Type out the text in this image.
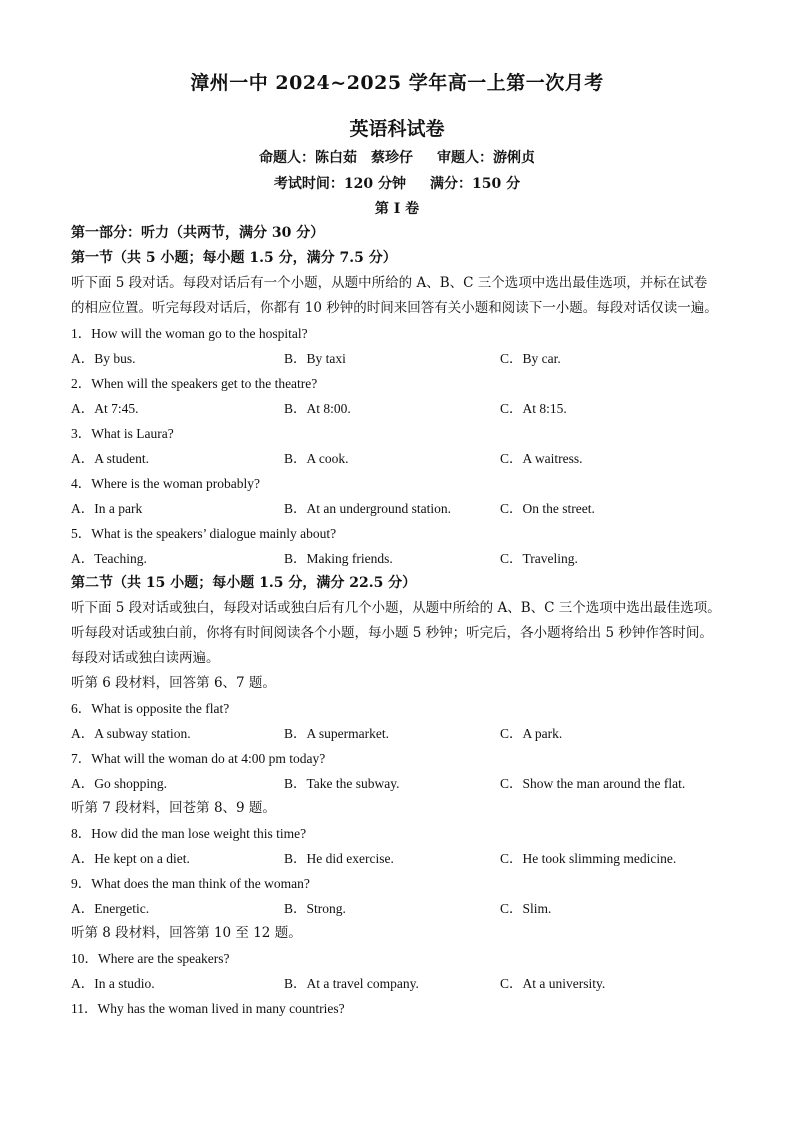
漳州一中 2024~2025 学年高一上第一次月考
英语科试卷
命题人：陈白茹　蔡珍仔 审题人：游俐贞
考试时间：120 分钟 满分：150 分
第 I 卷
第一部分：听力（共两节，满分 30 分）
第一节（共 5 小题；每小题 1.5 分，满分 7.5 分）
听下面 5 段对话。每段对话后有一个小题，从题中所给的 A、B、C 三个选项中选出最佳选项，并标在试卷
的相应位置。听完每段对话后，你都有 10 秒钟的时间来回答有关小题和阅读下一小题。每段对话仅读一遍。
1．How will the woman go to the hospital?
A．By bus.	B．By taxi	C．By car.
2．When will the speakers get to the theatre?
A．At 7:45.	B．At 8:00.	C．At 8:15.
3．What is Laura?
A．A student.	B．A cook.	C．A waitress.
4．Where is the woman probably?
A．In a park	B．At an underground station.	C．On the street.
5．What is the speakers’ dialogue mainly about?
A．Teaching.	B．Making friends.	C．Traveling.
第二节（共 15 小题；每小题 1.5 分，满分 22.5 分）
听下面 5 段对话或独白，每段对话或独白后有几个小题，从题中所给的 A、B、C 三个选项中选出最佳选项。
听每段对话或独白前，你将有时间阅读各个小题，每小题 5 秒钟；听完后，各小题将给出 5 秒钟作答时间。
每段对话或独白读两遍。
听第 6 段材料，回答第 6、7 题。
6．What is opposite the flat?
A．A subway station.	B．A supermarket.	C．A park.
7．What will the woman do at 4:00 pm today?
A．Go shopping.	B．Take the subway.	C．Show the man around the flat.
听第 7 段材料，回苍第 8、9 题。
8．How did the man lose weight this time?
A．He kept on a diet.	B．He did exercise.	C．He took slimming medicine.
9．What does the man think of the woman?
A．Energetic.	B．Strong.	C．Slim.
听第 8 段材料，回答第 10 至 12 题。
10．Where are the speakers?
A．In a studio.	B．At a travel company.	C．At a university.
11．Why has the woman lived in many countries?
